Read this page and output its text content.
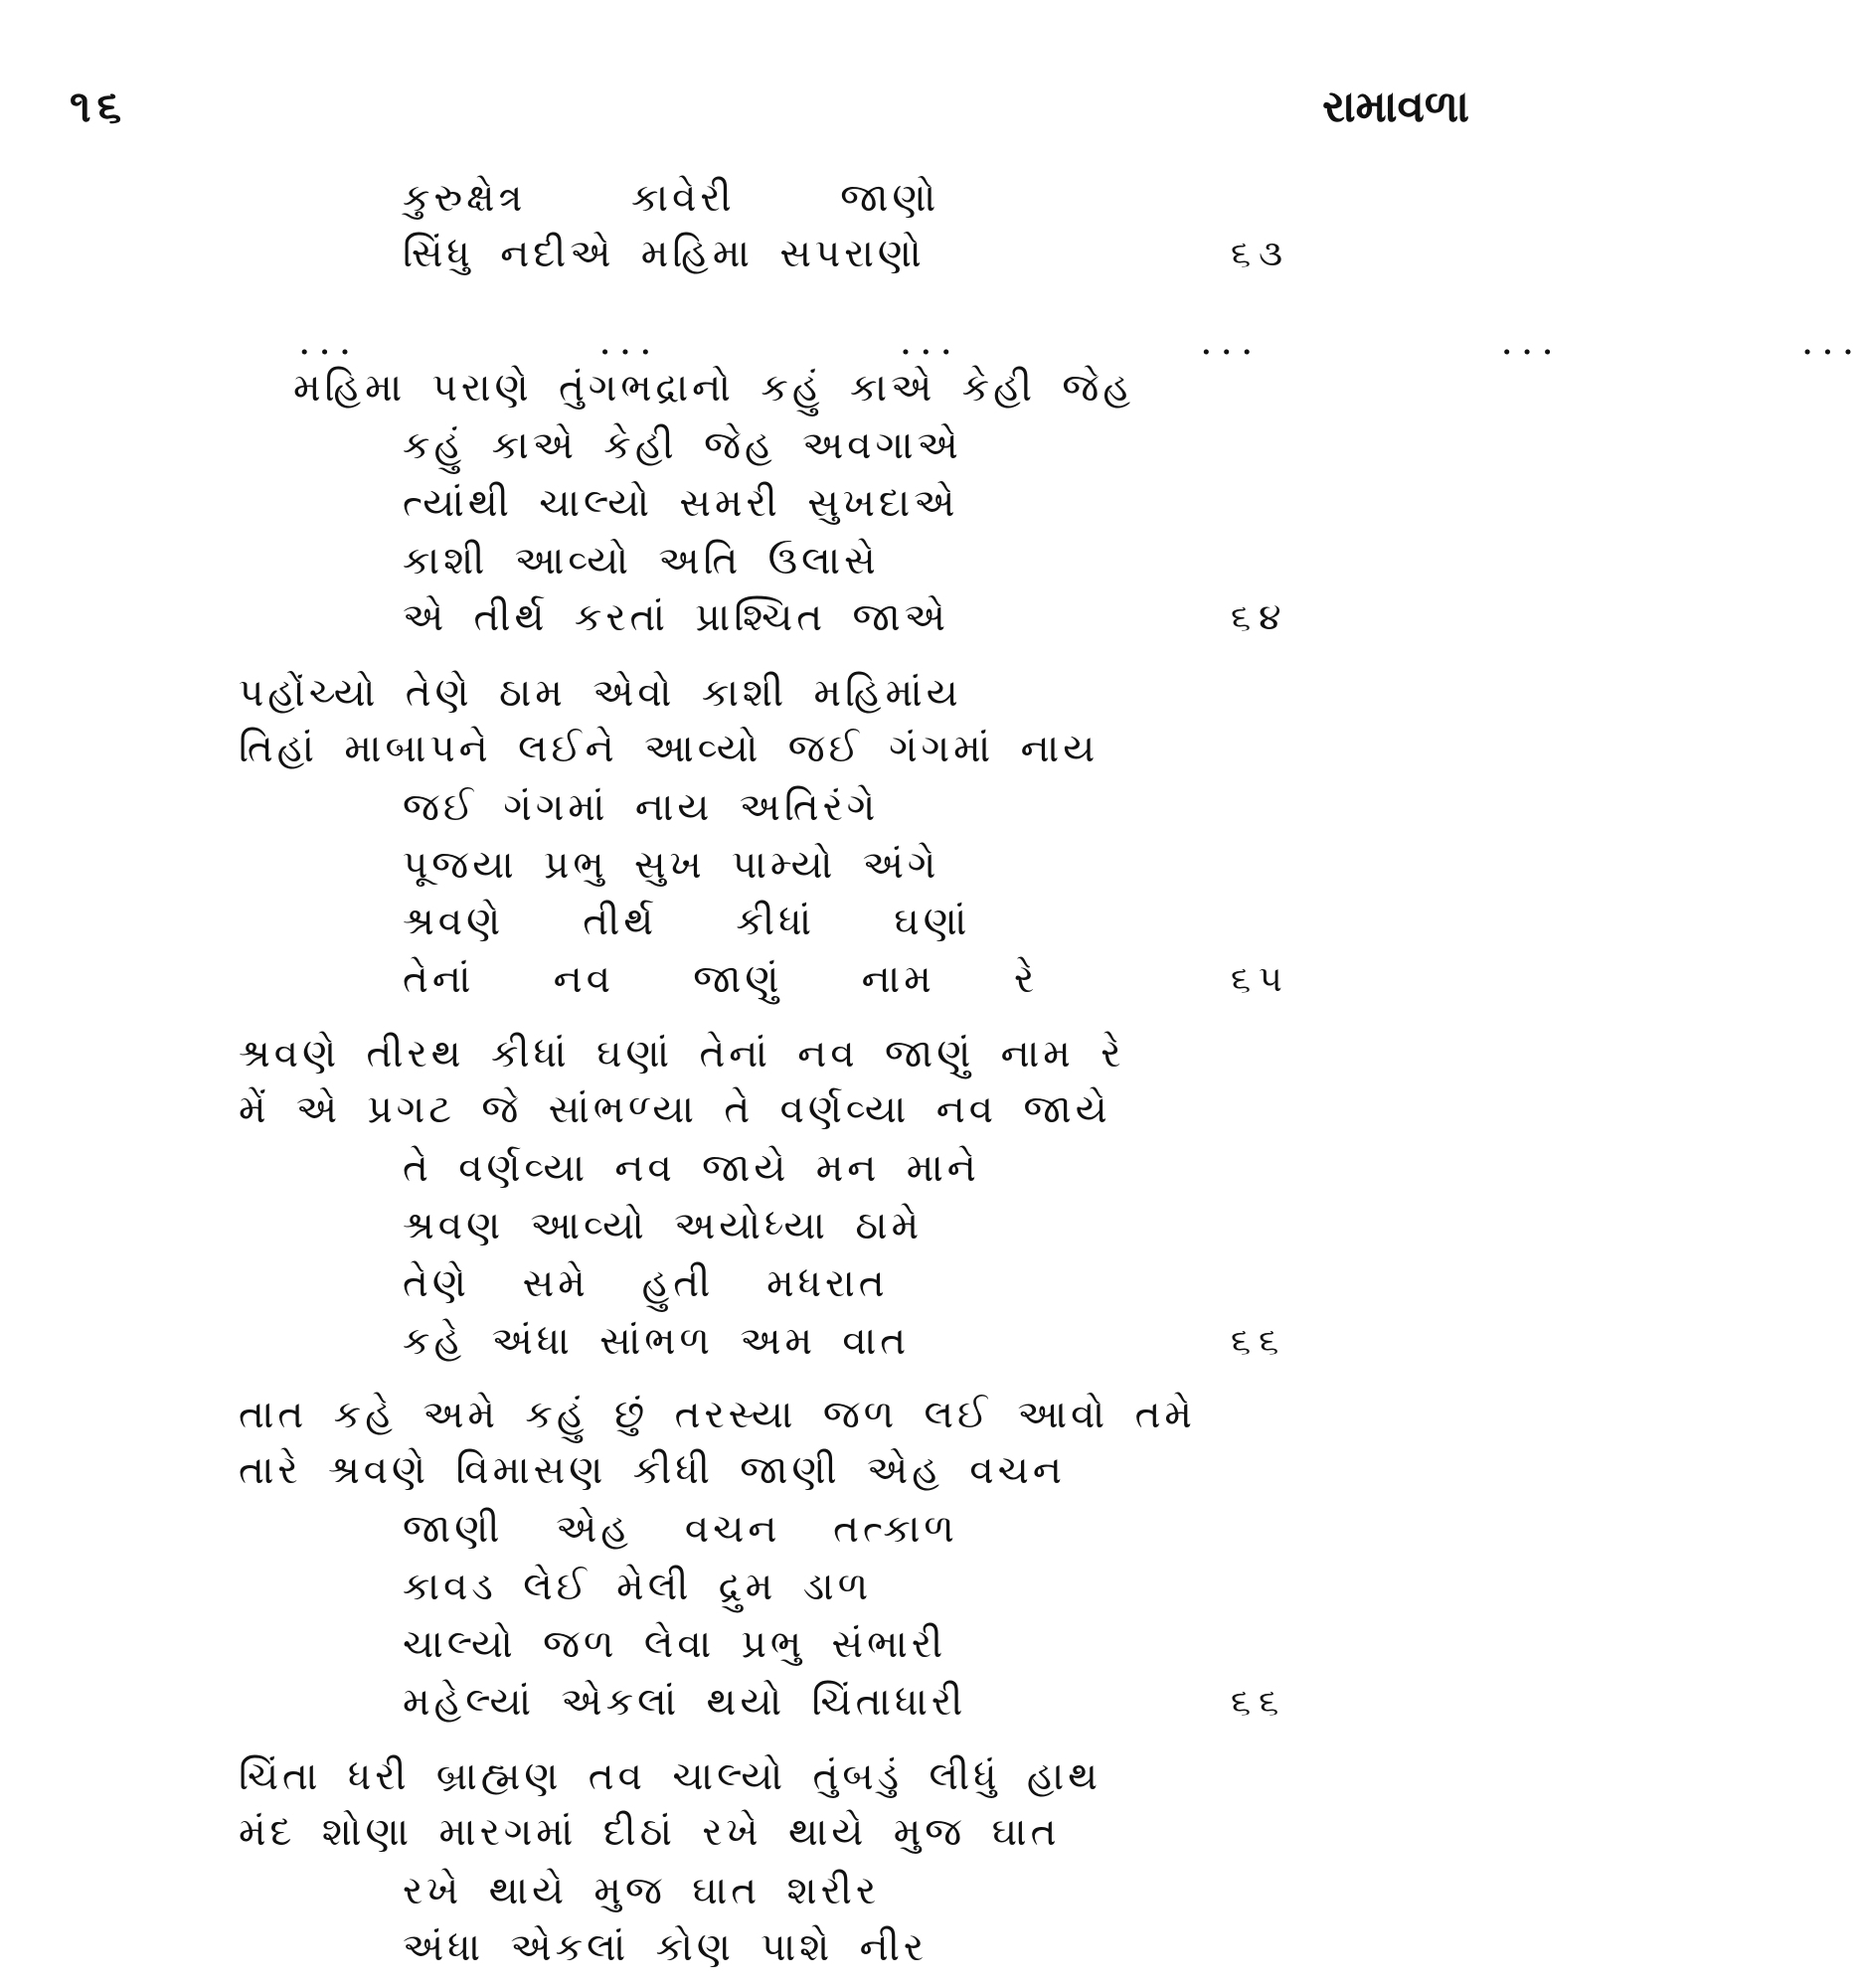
૧૬	રામાવળા
કુરુક્ષેત્ર    કાવેરી    જાણો
સિંધુ નદીએ મહિમા સપરાણો	૬૩
...   ...   ...   ...   ...   ...
મહિમા પરાણે તુંગભદ્રાનો કહું કાએ કેહી જેહ
કહું કાએ કેહી જેહ અવગાએ
ત્યાંથી ચાલ્યો સમરી સુખદાએ
કાશી આવ્યો અતિ ઉલાસે
એ તીર્થ કરતાં પ્રાશ્ચિત જાએ	૬૪
પહોંચ્યો તેણે ઠામ એવો કાશી મહિમાંય
તિહાં માબાપને લઈને આવ્યો જઈ ગંગમાં નાય
જઈ ગંગમાં નાય અતિરંગે
પૂજયા પ્રભુ સુખ પામ્યો અંગે
શ્રવણે   તીર્થ   કીધાં   ઘણાં
તેનાં   નવ   જાણું   નામ   રે	૬૫
શ્રવણે તીરથ કીધાં ઘણાં તેનાં નવ જાણું નામ રે
મેં એ પ્રગટ જે સાંભળ્યા તે વર્ણવ્યા નવ જાયે
તે વર્ણવ્યા નવ જાયે મન માને
શ્રવણ આવ્યો અયોધ્યા ઠામે
તેણે  સમે  હુતી  મધરાત
કહે અંધા સાંભળ અમ વાત	૬૬
તાત કહે અમે કહું છું તરસ્યા જળ લઈ આવો તમે
તારે શ્રવણે વિમાસણ કીધી જાણી એહ વચન
જાણી  એહ  વચન  તત્કાળ
કાવડ લેઈ મેલી દ્રુમ ડાળ
ચાલ્યો જળ લેવા પ્રભુ સંભારી
મહેલ્યાં એકલાં થયો ચિંતાધારી	૬૬
ચિંતા ધરી બ્રાહ્મણ તવ ચાલ્યો તુંબડું લીધું હાથ
મંદ શોણા મારગમાં દીઠાં રખે થાયે મુજ ઘાત
રખે થાયે મુજ ઘાત શરીર
અંધા એકલાં કોણ પાશે નીર
